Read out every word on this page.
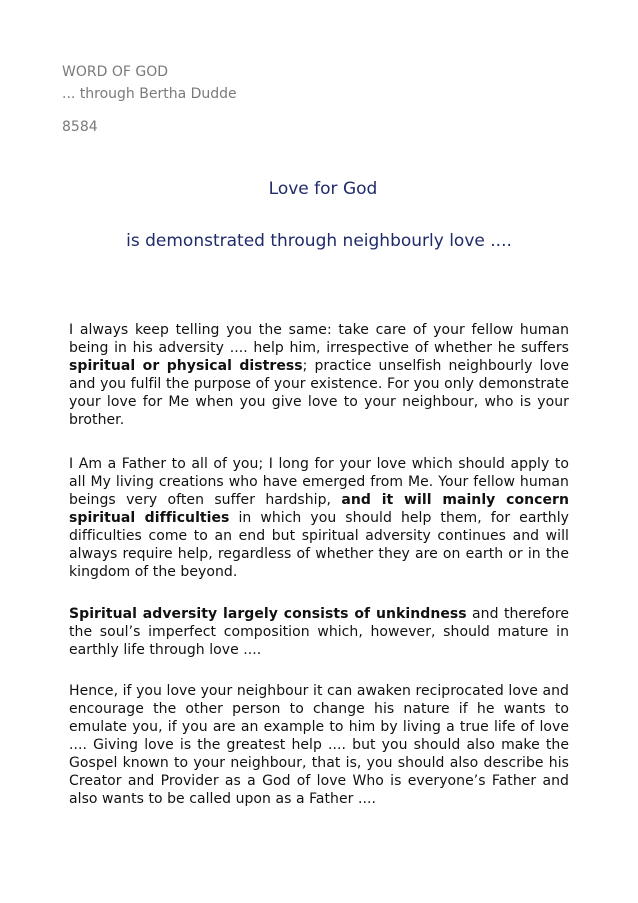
WORD OF GOD
... through Bertha Dudde
8584
Love for God
is demonstrated through neighbourly love ....

I always keep telling you the same: take care of your fellow human being in his adversity .... help him, irrespective of whether he suffers spiritual or physical distress; practice unselfish neighbourly love and you fulfil the purpose of your existence. For you only demonstrate your love for Me when you give love to your neighbour, who is your brother.

I Am a Father to all of you; I long for your love which should apply to all My living creations who have emerged from Me. Your fellow human beings very often suffer hardship, and it will mainly concern spiritual difficulties in which you should help them, for earthly difficulties come to an end but spiritual adversity continues and will always require help, regardless of whether they are on earth or in the kingdom of the beyond.

Spiritual adversity largely consists of unkindness and therefore the soul’s imperfect composition which, however, should mature in earthly life through love ....

Hence, if you love your neighbour it can awaken reciprocated love and encourage the other person to change his nature if he wants to emulate you, if you are an example to him by living a true life of love .... Giving love is the greatest help .... but you should also make the Gospel known to your neighbour, that is, you should also describe his Creator and Provider as a God of love Who is everyone’s Father and also wants to be called upon as a Father ....
